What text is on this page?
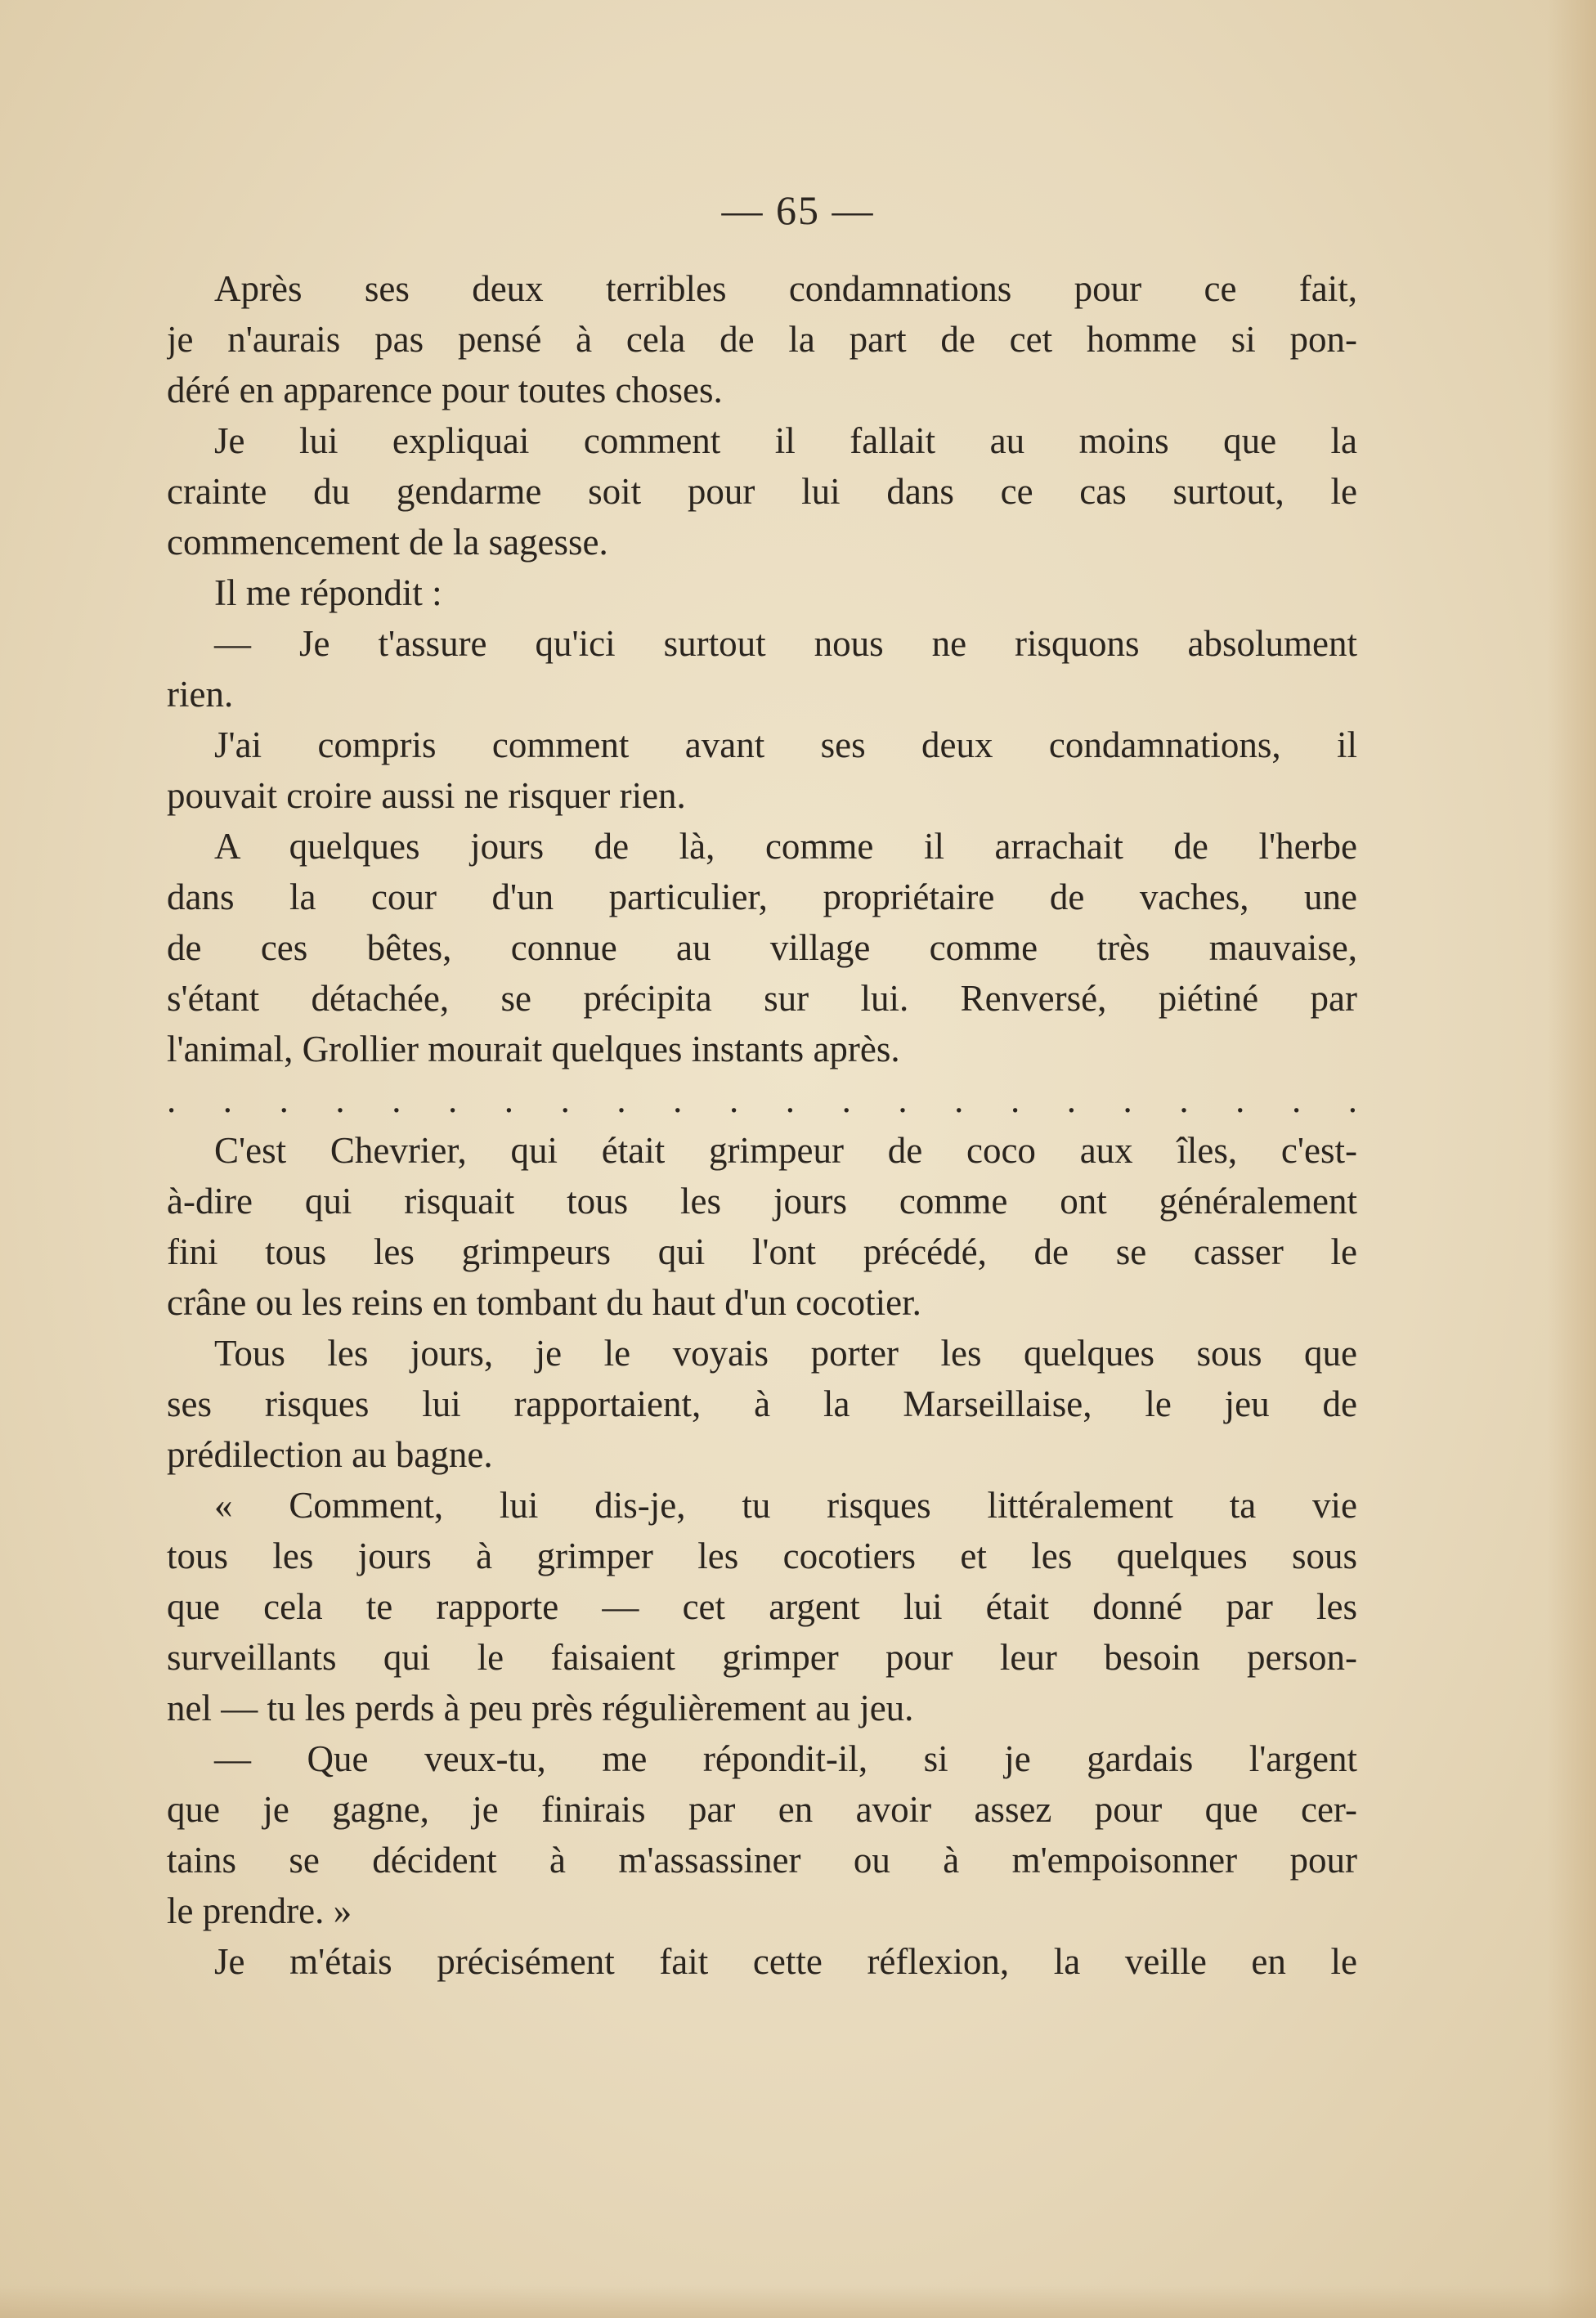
— 65 —
Après ses deux terribles condamnations pour ce fait,
je n'aurais pas pensé à cela de la part de cet homme si pon-
déré en apparence pour toutes choses.
Je lui expliquai comment il fallait au moins que la
crainte du gendarme soit pour lui dans ce cas surtout, le
commencement de la sagesse.
Il me répondit :
— Je t'assure qu'ici surtout nous ne risquons absolument
rien.
J'ai compris comment avant ses deux condamnations, il
pouvait croire aussi ne risquer rien.
A quelques jours de là, comme il arrachait de l'herbe
dans la cour d'un particulier, propriétaire de vaches, une
de ces bêtes, connue au village comme très mauvaise,
s'étant détachée, se précipita sur lui. Renversé, piétiné par
l'animal, Grollier mourait quelques instants après.
. . . . . . . . . . . . . . . . . . . . . .
C'est Chevrier, qui était grimpeur de coco aux îles, c'est-
à-dire qui risquait tous les jours comme ont généralement
fini tous les grimpeurs qui l'ont précédé, de se casser le
crâne ou les reins en tombant du haut d'un cocotier.
Tous les jours, je le voyais porter les quelques sous que
ses risques lui rapportaient, à la Marseillaise, le jeu de
prédilection au bagne.
« Comment, lui dis-je, tu risques littéralement ta vie
tous les jours à grimper les cocotiers et les quelques sous
que cela te rapporte — cet argent lui était donné par les
surveillants qui le faisaient grimper pour leur besoin person-
nel — tu les perds à peu près régulièrement au jeu.
— Que veux-tu, me répondit-il, si je gardais l'argent
que je gagne, je finirais par en avoir assez pour que cer-
tains se décident à m'assassiner ou à m'empoisonner pour
le prendre. »
Je m'étais précisément fait cette réflexion, la veille en le
